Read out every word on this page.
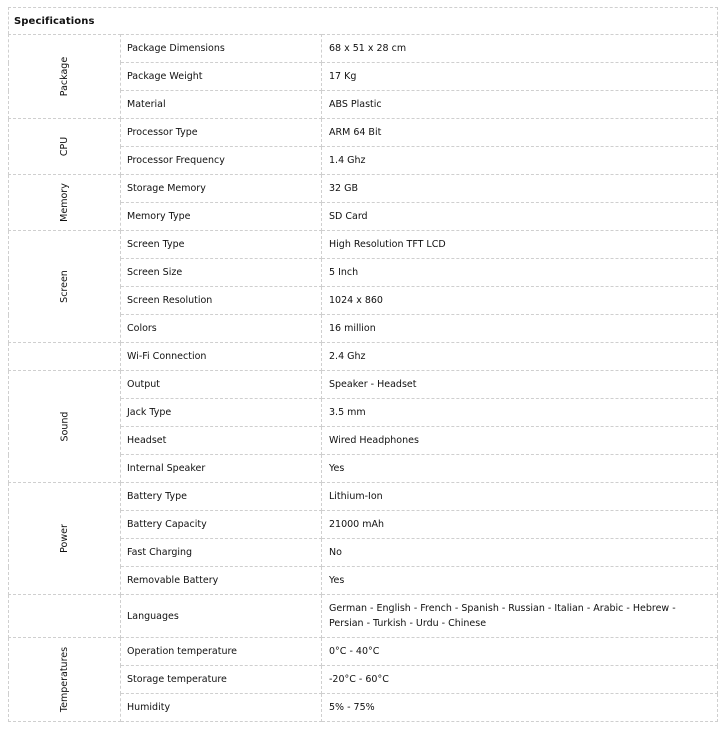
Specifications
Package	Package Dimensions	68 x 51 x 28 cm
	Package Weight	17 Kg
	Material	ABS Plastic
CPU	Processor Type	ARM 64 Bit
	Processor Frequency	1.4 Ghz
Memory	Storage Memory	32 GB
	Memory Type	SD Card
Screen	Screen Type	High Resolution TFT LCD
	Screen Size	5 Inch
	Screen Resolution	1024 x 860
	Colors	16 million
	Wi-Fi Connection	2.4 Ghz
Sound	Output	Speaker - Headset
	Jack Type	3.5 mm
	Headset	Wired Headphones
	Internal Speaker	Yes
Power	Battery Type	Lithium-Ion
	Battery Capacity	21000 mAh
	Fast Charging	No
	Removable Battery	Yes
	Languages	German - English - French - Spanish - Russian - Italian - Arabic - Hebrew - Persian - Turkish - Urdu - Chinese
Temperatures	Operation temperature	0°C - 40°C
	Storage temperature	-20°C - 60°C
	Humidity	5% - 75%
